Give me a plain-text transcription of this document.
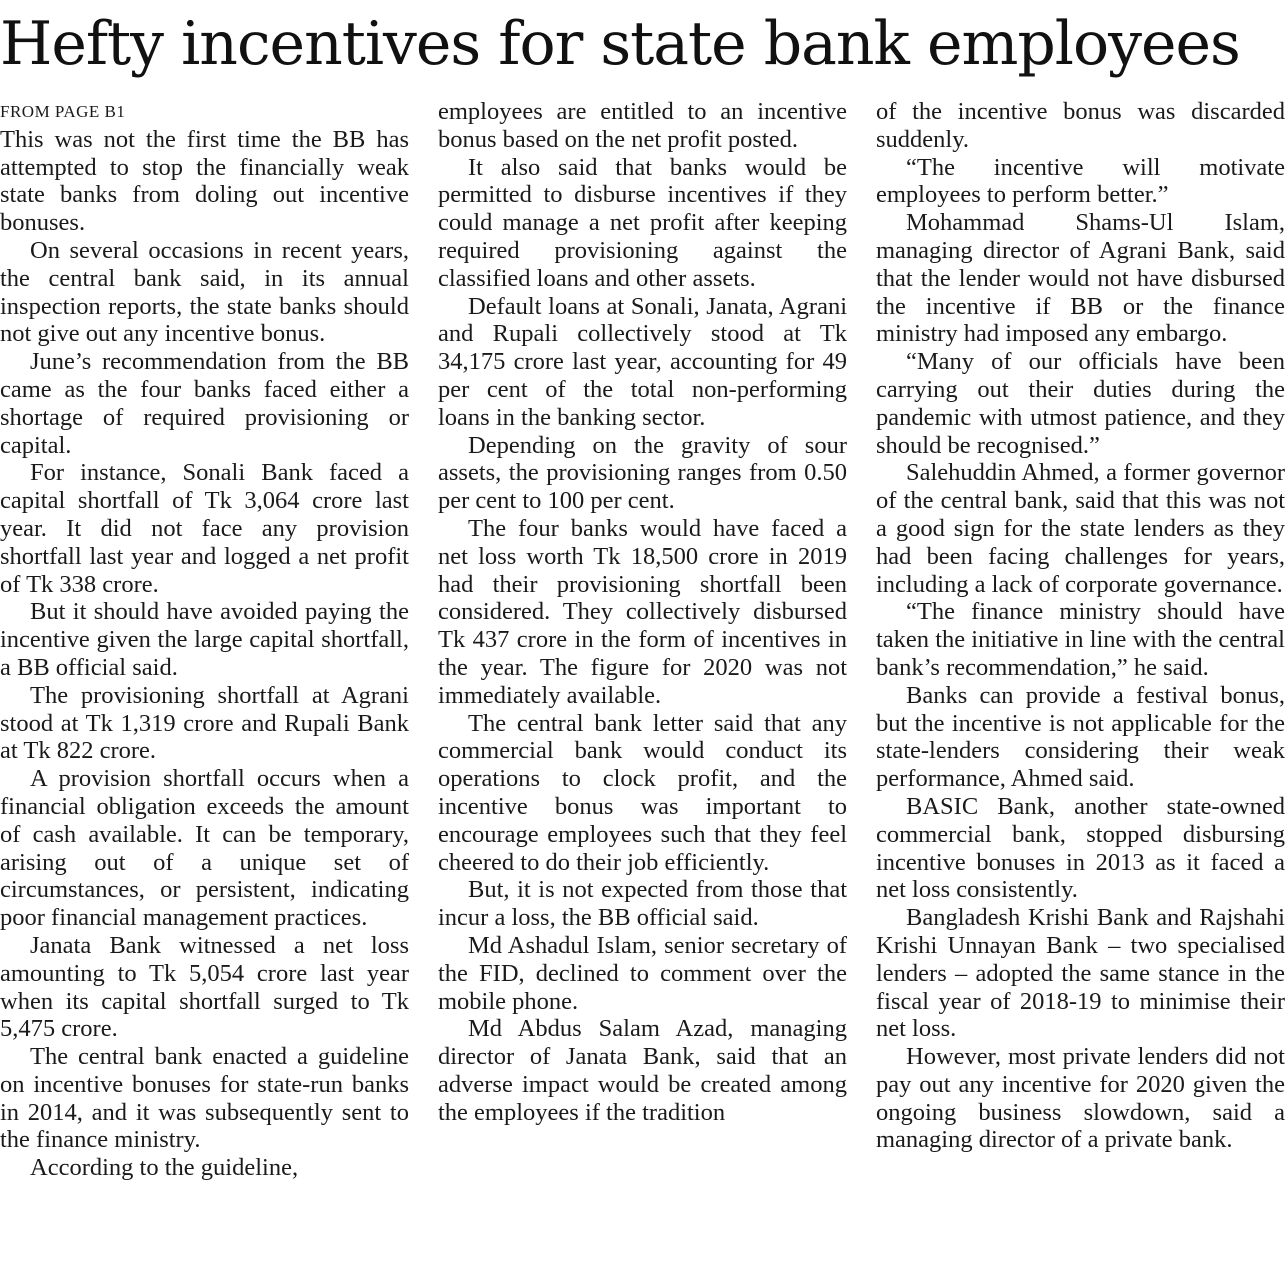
Hefty incentives for state bank employees
FROM PAGE B1

This was not the first time the BB has attempted to stop the financially weak state banks from doling out incentive bonuses.

On several occasions in recent years, the central bank said, in its annual inspection reports, the state banks should not give out any incentive bonus.

June’s recommendation from the BB came as the four banks faced either a shortage of required provisioning or capital.

For instance, Sonali Bank faced a capital shortfall of Tk 3,064 crore last year. It did not face any provision shortfall last year and logged a net profit of Tk 338 crore.

But it should have avoided paying the incentive given the large capital shortfall, a BB official said.

The provisioning shortfall at Agrani stood at Tk 1,319 crore and Rupali Bank at Tk 822 crore.

A provision shortfall occurs when a financial obligation exceeds the amount of cash available. It can be temporary, arising out of a unique set of circumstances, or persistent, indicating poor financial management practices.

Janata Bank witnessed a net loss amounting to Tk 5,054 crore last year when its capital shortfall surged to Tk 5,475 crore.

The central bank enacted a guideline on incentive bonuses for state-run banks in 2014, and it was subsequently sent to the finance ministry.

According to the guideline,

employees are entitled to an incentive bonus based on the net profit posted.

It also said that banks would be permitted to disburse incentives if they could manage a net profit after keeping required provisioning against the classified loans and other assets.

Default loans at Sonali, Janata, Agrani and Rupali collectively stood at Tk 34,175 crore last year, accounting for 49 per cent of the total non-performing loans in the banking sector.

Depending on the gravity of sour assets, the provisioning ranges from 0.50 per cent to 100 per cent.

The four banks would have faced a net loss worth Tk 18,500 crore in 2019 had their provisioning shortfall been considered. They collectively disbursed Tk 437 crore in the form of incentives in the year. The figure for 2020 was not immediately available.

The central bank letter said that any commercial bank would conduct its operations to clock profit, and the incentive bonus was important to encourage employees such that they feel cheered to do their job efficiently.

But, it is not expected from those that incur a loss, the BB official said.

Md Ashadul Islam, senior secretary of the FID, declined to comment over the mobile phone.

Md Abdus Salam Azad, managing director of Janata Bank, said that an adverse impact would be created among the employees if the tradition

of the incentive bonus was discarded suddenly.

“The incentive will motivate employees to perform better.”

Mohammad Shams-Ul Islam, managing director of Agrani Bank, said that the lender would not have disbursed the incentive if BB or the finance ministry had imposed any embargo.

“Many of our officials have been carrying out their duties during the pandemic with utmost patience, and they should be recognised.”

Salehuddin Ahmed, a former governor of the central bank, said that this was not a good sign for the state lenders as they had been facing challenges for years, including a lack of corporate governance.

“The finance ministry should have taken the initiative in line with the central bank’s recommendation,” he said.

Banks can provide a festival bonus, but the incentive is not applicable for the state-lenders considering their weak performance, Ahmed said.

BASIC Bank, another state-owned commercial bank, stopped disbursing incentive bonuses in 2013 as it faced a net loss consistently.

Bangladesh Krishi Bank and Rajshahi Krishi Unnayan Bank – two specialised lenders – adopted the same stance in the fiscal year of 2018-19 to minimise their net loss.

However, most private lenders did not pay out any incentive for 2020 given the ongoing business slowdown, said a managing director of a private bank.
